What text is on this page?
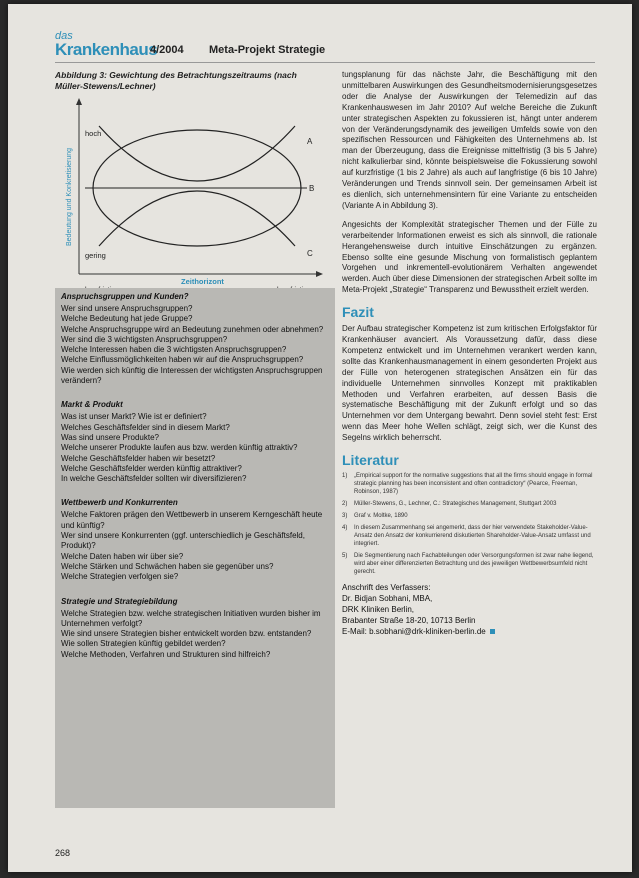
das
Krankenhaus
4/2004 Meta-Projekt Strategie

Abbildung 3: Gewichtung des Betrachtungszeitraums (nach Müller-Stewens/Lechner)

hoch
gering
A
B
C
Zeithorizont
Bedeutung und Konkretisierung

Anspruchsgruppen und Kunden?

Wer sind unsere Anspruchsgruppen?

Welche Bedeutung hat jede Gruppe?

Welche Anspruchsgruppe wird an Bedeutung zunehmen oder abnehmen?

Wer sind die 3 wichtigsten Anspruchsgruppen?

Welche Interessen haben die 3 wichtigsten Anspruchsgruppen?

Welche Einflussmöglichkeiten haben wir auf die Anspruchsgruppen?

Wie werden sich künftig die Interessen der wichtigsten Anspruchsgruppen verändern?

Markt & Produkt

Was ist unser Markt? Wie ist er definiert?

Welches Geschäftsfelder sind in diesem Markt?

Was sind unsere Produkte?

Welche unserer Produkte laufen aus bzw. werden künftig attraktiv?

Welche Geschäftsfelder haben wir besetzt?

Welche Geschäftsfelder werden künftig attraktiver?

In welche Geschäftsfelder sollten wir diversifizieren?

Wettbewerb und Konkurrenten

Welche Faktoren prägen den Wettbewerb in unserem Kerngeschäft heute und künftig?

Wer sind unsere Konkurrenten (ggf. unterschiedlich je Geschäftsfeld, Produkt)?

Welche Daten haben wir über sie?

Welche Stärken und Schwächen haben sie gegenüber uns?

Welche Strategien verfolgen sie?

Strategie und Strategiebildung

Welche Strategien bzw. welche strategischen Initiativen wurden bisher im Unternehmen verfolgt?

Wie sind unsere Strategien bisher entwickelt worden bzw. entstanden?

Wie sollen Strategien künftig gebildet werden?

Welche Methoden, Verfahren und Strukturen sind hilfreich?

tungsplanung für das nächste Jahr, die Beschäftigung mit den unmittelbaren Auswirkungen des Gesundheitsmodernisierungsgesetzes oder die Analyse der Auswirkungen der Telemedizin auf das Krankenhauswesen im Jahr 2010? Auf welche Bereiche die Zukunft unter strategischen Aspekten zu fokussieren ist, hängt unter anderem von der Veränderungsdynamik des jeweiligen Umfelds sowie von den spezifischen Ressourcen und Fähigkeiten des Unternehmens ab. Ist man der Überzeugung, dass die Ereignisse mittelfristig (3 bis 5 Jahre) nicht kalkulierbar sind, könnte beispielsweise die Fokussierung sowohl auf kurzfristige (1 bis 2 Jahre) als auch auf langfristige (6 bis 10 Jahre) Veränderungen und Trends sinnvoll sein. Der gemeinsamen Arbeit ist es dienlich, sich unternehmensintern für eine Variante zu entscheiden (Variante A in Abbildung 3).

Angesichts der Komplexität strategischer Themen und der Fülle zu verarbeitender Informationen erweist es sich als sinnvoll, die rationale Herangehensweise durch intuitive Einschätzungen zu ergänzen. Ebenso sollte eine gesunde Mischung von formalistisch geplantem Vorgehen und inkrementell-evolutionärem Verhalten angewendet werden. Auch über diese Dimensionen der strategischen Arbeit sollte im Meta-Projekt „Strategie“ Transparenz und Bewusstheit erzielt werden.

Fazit

Der Aufbau strategischer Kompetenz ist zum kritischen Erfolgsfaktor für Krankenhäuser avanciert. Als Voraussetzung dafür, dass diese Kompetenz entwickelt und im Unternehmen verankert werden kann, sollte das Krankenhausmanagement in einem gesonderten Projekt aus der Fülle von heterogenen strategischen Ansätzen ein für das individuelle Unternehmen sinnvolles Konzept mit praktikablen Methoden und Verfahren erarbeiten, auf dessen Basis die systematische Beschäftigung mit der Zukunft erfolgt und so das Unternehmen vor dem Untergang bewahrt. Denn soviel steht fest: Erst wenn das Meer hohe Wellen schlägt, zeigt sich, wer die Kunst des Segelns wirklich beherrscht.

Literatur
1)	„Empirical support for the normative suggestions that all the firms should engage in formal strategic planning has been inconsistent and often contradictory“ (Pearce, Freeman, Robinson, 1987)
2)	Müller-Stewens, G., Lechner, C.: Strategisches Management, Stuttgart 2003
3)	Graf v. Moltke, 1890
4)	In diesem Zusammenhang sei angemerkt, dass der hier verwendete Stakeholder-Value-Ansatz den Ansatz der konkurrierend diskutierten Shareholder-Value-Ansatz umfasst und integriert.
5)	Die Segmentierung nach Fachabteilungen oder Versorgungsformen ist zwar nahe liegend, wird aber einer differenzierten Betrachtung und des jeweiligen Wettbewerbsumfeld nicht gerecht.
Anschrift des Verfassers:
Dr. Bidjan Sobhani, MBA,
DRK Kliniken Berlin,
Brabanter Straße 18-20, 10713 Berlin
E-Mail: b.sobhani@drk-kliniken-berlin.de
268
